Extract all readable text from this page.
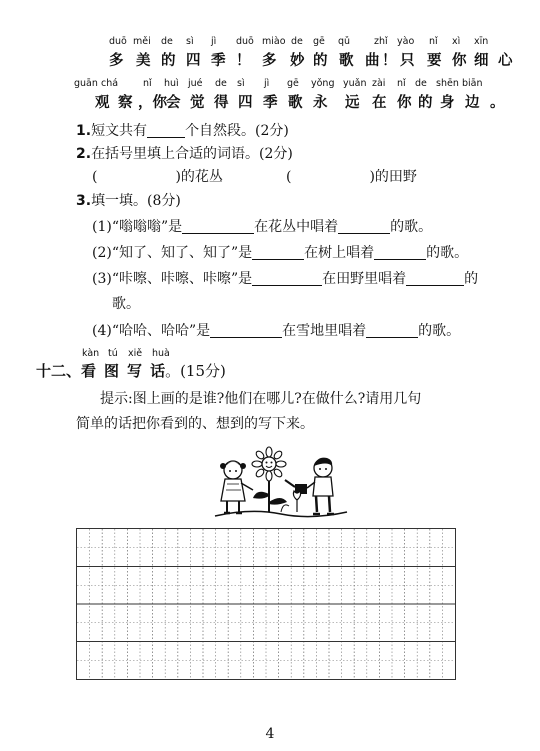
duō měi de sì jì duō miào de gē qǔ	zhǐ yào nǐ xì xīn
多 美 的 四 季 ！ 多 妙 的 歌 曲 ！ 只 要 你 细 心
guān chá	nǐ huì jué de sì jì gē yǒng yuǎn zài nǐ de shēn biān
观 察 ，你 会 觉 得 四 季 歌 永 远 在 你 的 身 边 。
1.短文共有	个自然段。(2分)
2.在括号里填上合适的词语。(2分)
(	)的花丛	(	)的田野
3.填一填。(8分)
(1)“嗡嗡嗡”是	在花丛中唱着	的歌。
(2)“知了、知了、知了”是	在树上唱着	的歌。
(3)“咔嚓、咔嚓、咔嚓”是	在田野里唱着	的
歌。
(4)“哈哈、哈哈”是	在雪地里唱着	的歌。
kàn tú xiě huà
十二、看 图 写 话。(15分)
提示:图上画的是谁?他们在哪儿?在做什么?请用几句
简单的话把你看到的、想到的写下来。
4
